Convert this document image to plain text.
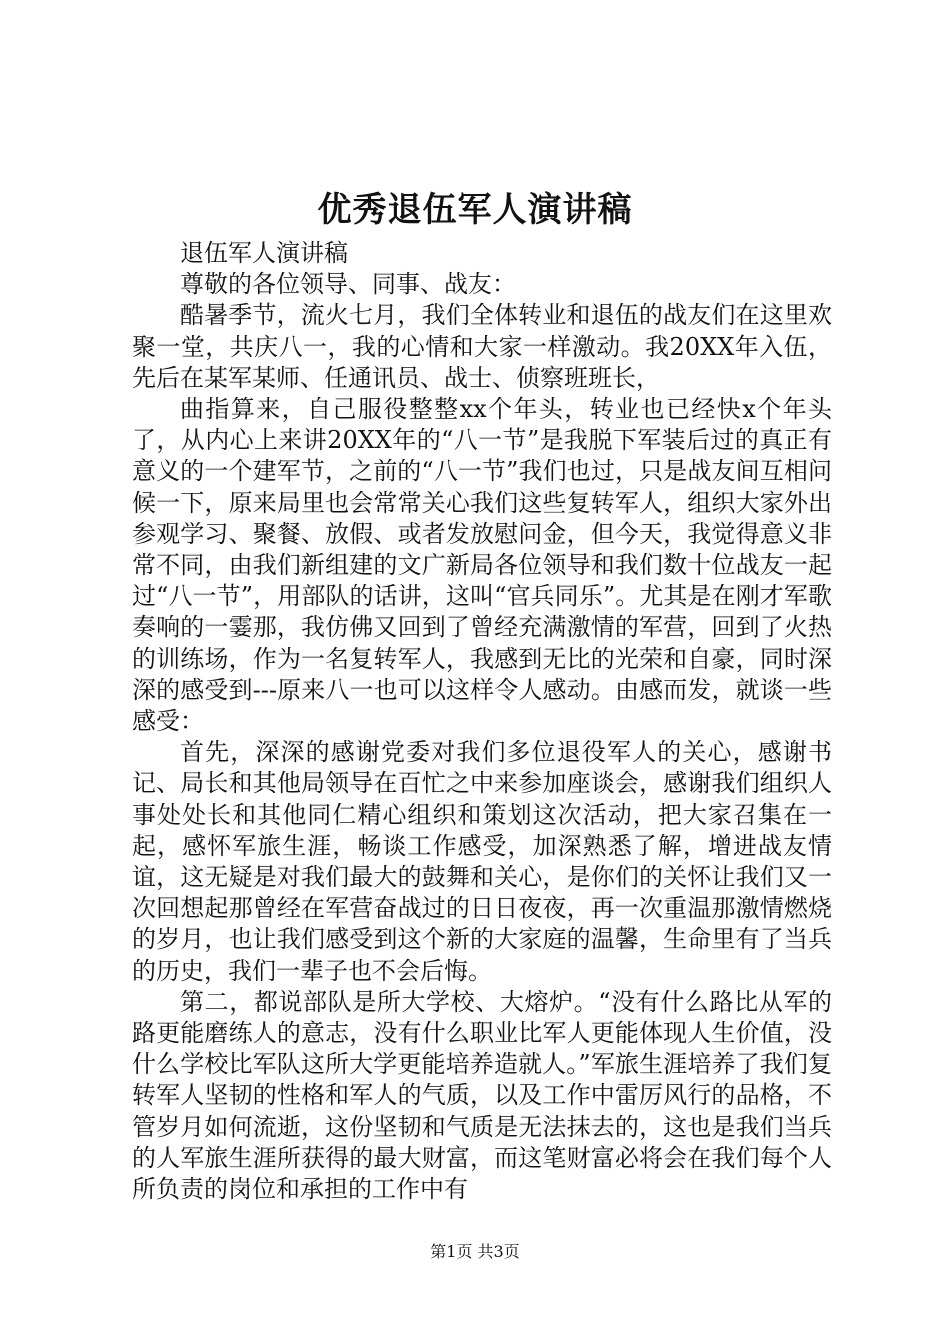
优秀退伍军人演讲稿

退伍军人演讲稿

尊敬的各位领导、同事、战友：

酷暑季节，流火七月，我们全体转业和退伍的战友们在这里欢聚一堂，共庆八一，我的心情和大家一样激动。我20XX年入伍，先后在某军某师、任通讯员、战士、侦察班班长，

曲指算来，自己服役整整xx个年头，转业也已经快x个年头了，从内心上来讲20XX年的“八一节”是我脱下军装后过的真正有意义的一个建军节，之前的“八一节”我们也过，只是战友间互相问候一下，原来局里也会常常关心我们这些复转军人，组织大家外出参观学习、聚餐、放假、或者发放慰问金，但今天，我觉得意义非常不同，由我们新组建的文广新局各位领导和我们数十位战友一起过“八一节”，用部队的话讲，这叫“官兵同乐”。尤其是在刚才军歌奏响的一霎那，我仿佛又回到了曾经充满激情的军营，回到了火热的训练场，作为一名复转军人，我感到无比的光荣和自豪，同时深深的感受到---原来八一也可以这样令人感动。由感而发，就谈一些感受：

首先，深深的感谢党委对我们多位退役军人的关心，感谢书记、局长和其他局领导在百忙之中来参加座谈会，感谢我们组织人事处处长和其他同仁精心组织和策划这次活动，把大家召集在一起，感怀军旅生涯，畅谈工作感受，加深熟悉了解，增进战友情谊，这无疑是对我们最大的鼓舞和关心，是你们的关怀让我们又一次回想起那曾经在军营奋战过的日日夜夜，再一次重温那激情燃烧的岁月，也让我们感受到这个新的大家庭的温馨，生命里有了当兵的历史，我们一辈子也不会后悔。

第二，都说部队是所大学校、大熔炉。“没有什么路比从军的路更能磨练人的意志，没有什么职业比军人更能体现人生价值，没什么学校比军队这所大学更能培养造就人。”军旅生涯培养了我们复转军人坚韧的性格和军人的气质，以及工作中雷厉风行的品格，不管岁月如何流逝，这份坚韧和气质是无法抹去的，这也是我们当兵的人军旅生涯所获得的最大财富，而这笔财富必将会在我们每个人所负责的岗位和承担的工作中有

第1页 共3页
